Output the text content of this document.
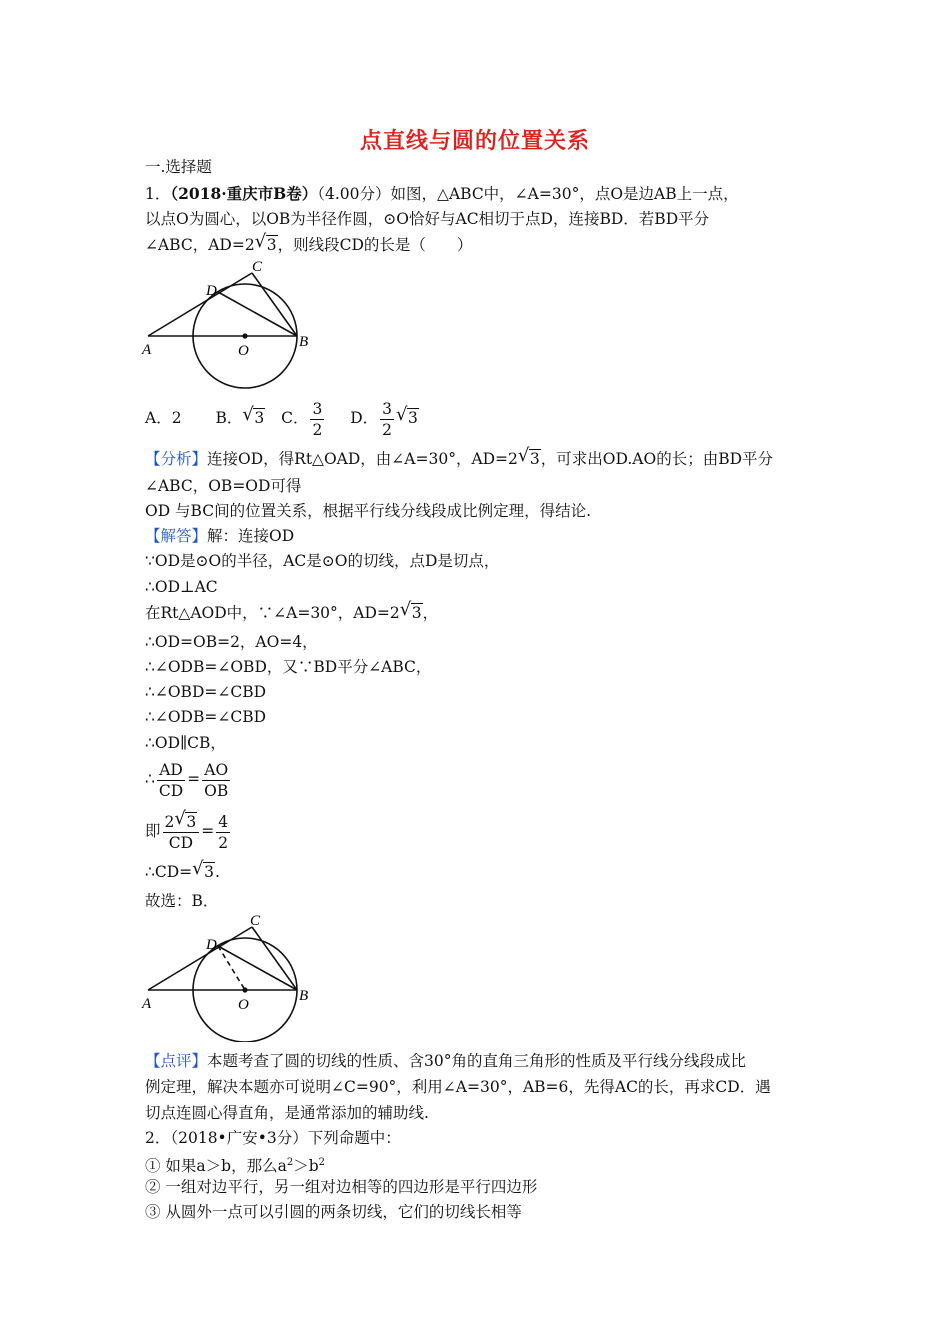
点直线与圆的位置关系
一.选择题
1．（2018·重庆市B卷）（4.00分）如图，△ABC中，∠A=30°，点O是边AB上一点，
以点O为圆心，以OB为半径作圆，⊙O恰好与AC相切于点D，连接BD．若BD平分
∠ABC，AD=2 √ 3，则线段CD的长是（　　）
A	B
C
D
O
A．2 B． √ 3 C． $\frac{3}{2}$ D． $\frac{3}{2}$ √ 3
【分析】连接OD，得Rt△OAD，由∠A=30°，AD=2 √ 3，可求出OD.AO的长；由BD平分
∠ABC，OB=OD可得
OD 与BC间的位置关系，根据平行线分线段成比例定理，得结论.
【解答】解：连接OD
∵OD是⊙O的半径，AC是⊙O的切线，点D是切点，
∴OD⊥AC
在Rt△AOD中，∵∠A=30°，AD=2 √ 3，
∴OD=OB=2，AO=4，
∴∠ODB=∠OBD，又∵BD平分∠ABC，
∴∠OBD=∠CBD
∴∠ODB=∠CBD
∴OD∥CB，
∴ $\frac{AD}{CD} = \frac{AO}{OB}$
即 $\frac{2 √ 3}{CD} = \frac{4}{2}$
∴CD= √ 3.
故选：B．
A	B
C
D
O
【点评】本题考查了圆的切线的性质、含30°角的直角三角形的性质及平行线分线段成比
例定理，解决本题亦可说明∠C=90°，利用∠A=30°，AB=6，先得AC的长，再求CD．遇
切点连圆心得直角，是通常添加的辅助线.
2．（2018•广安•3分）下列命题中：
① 如果a＞b，那么$a^2>b^2$
② 一组对边平行，另一组对边相等的四边形是平行四边形
③ 从圆外一点可以引圆的两条切线，它们的切线长相等
